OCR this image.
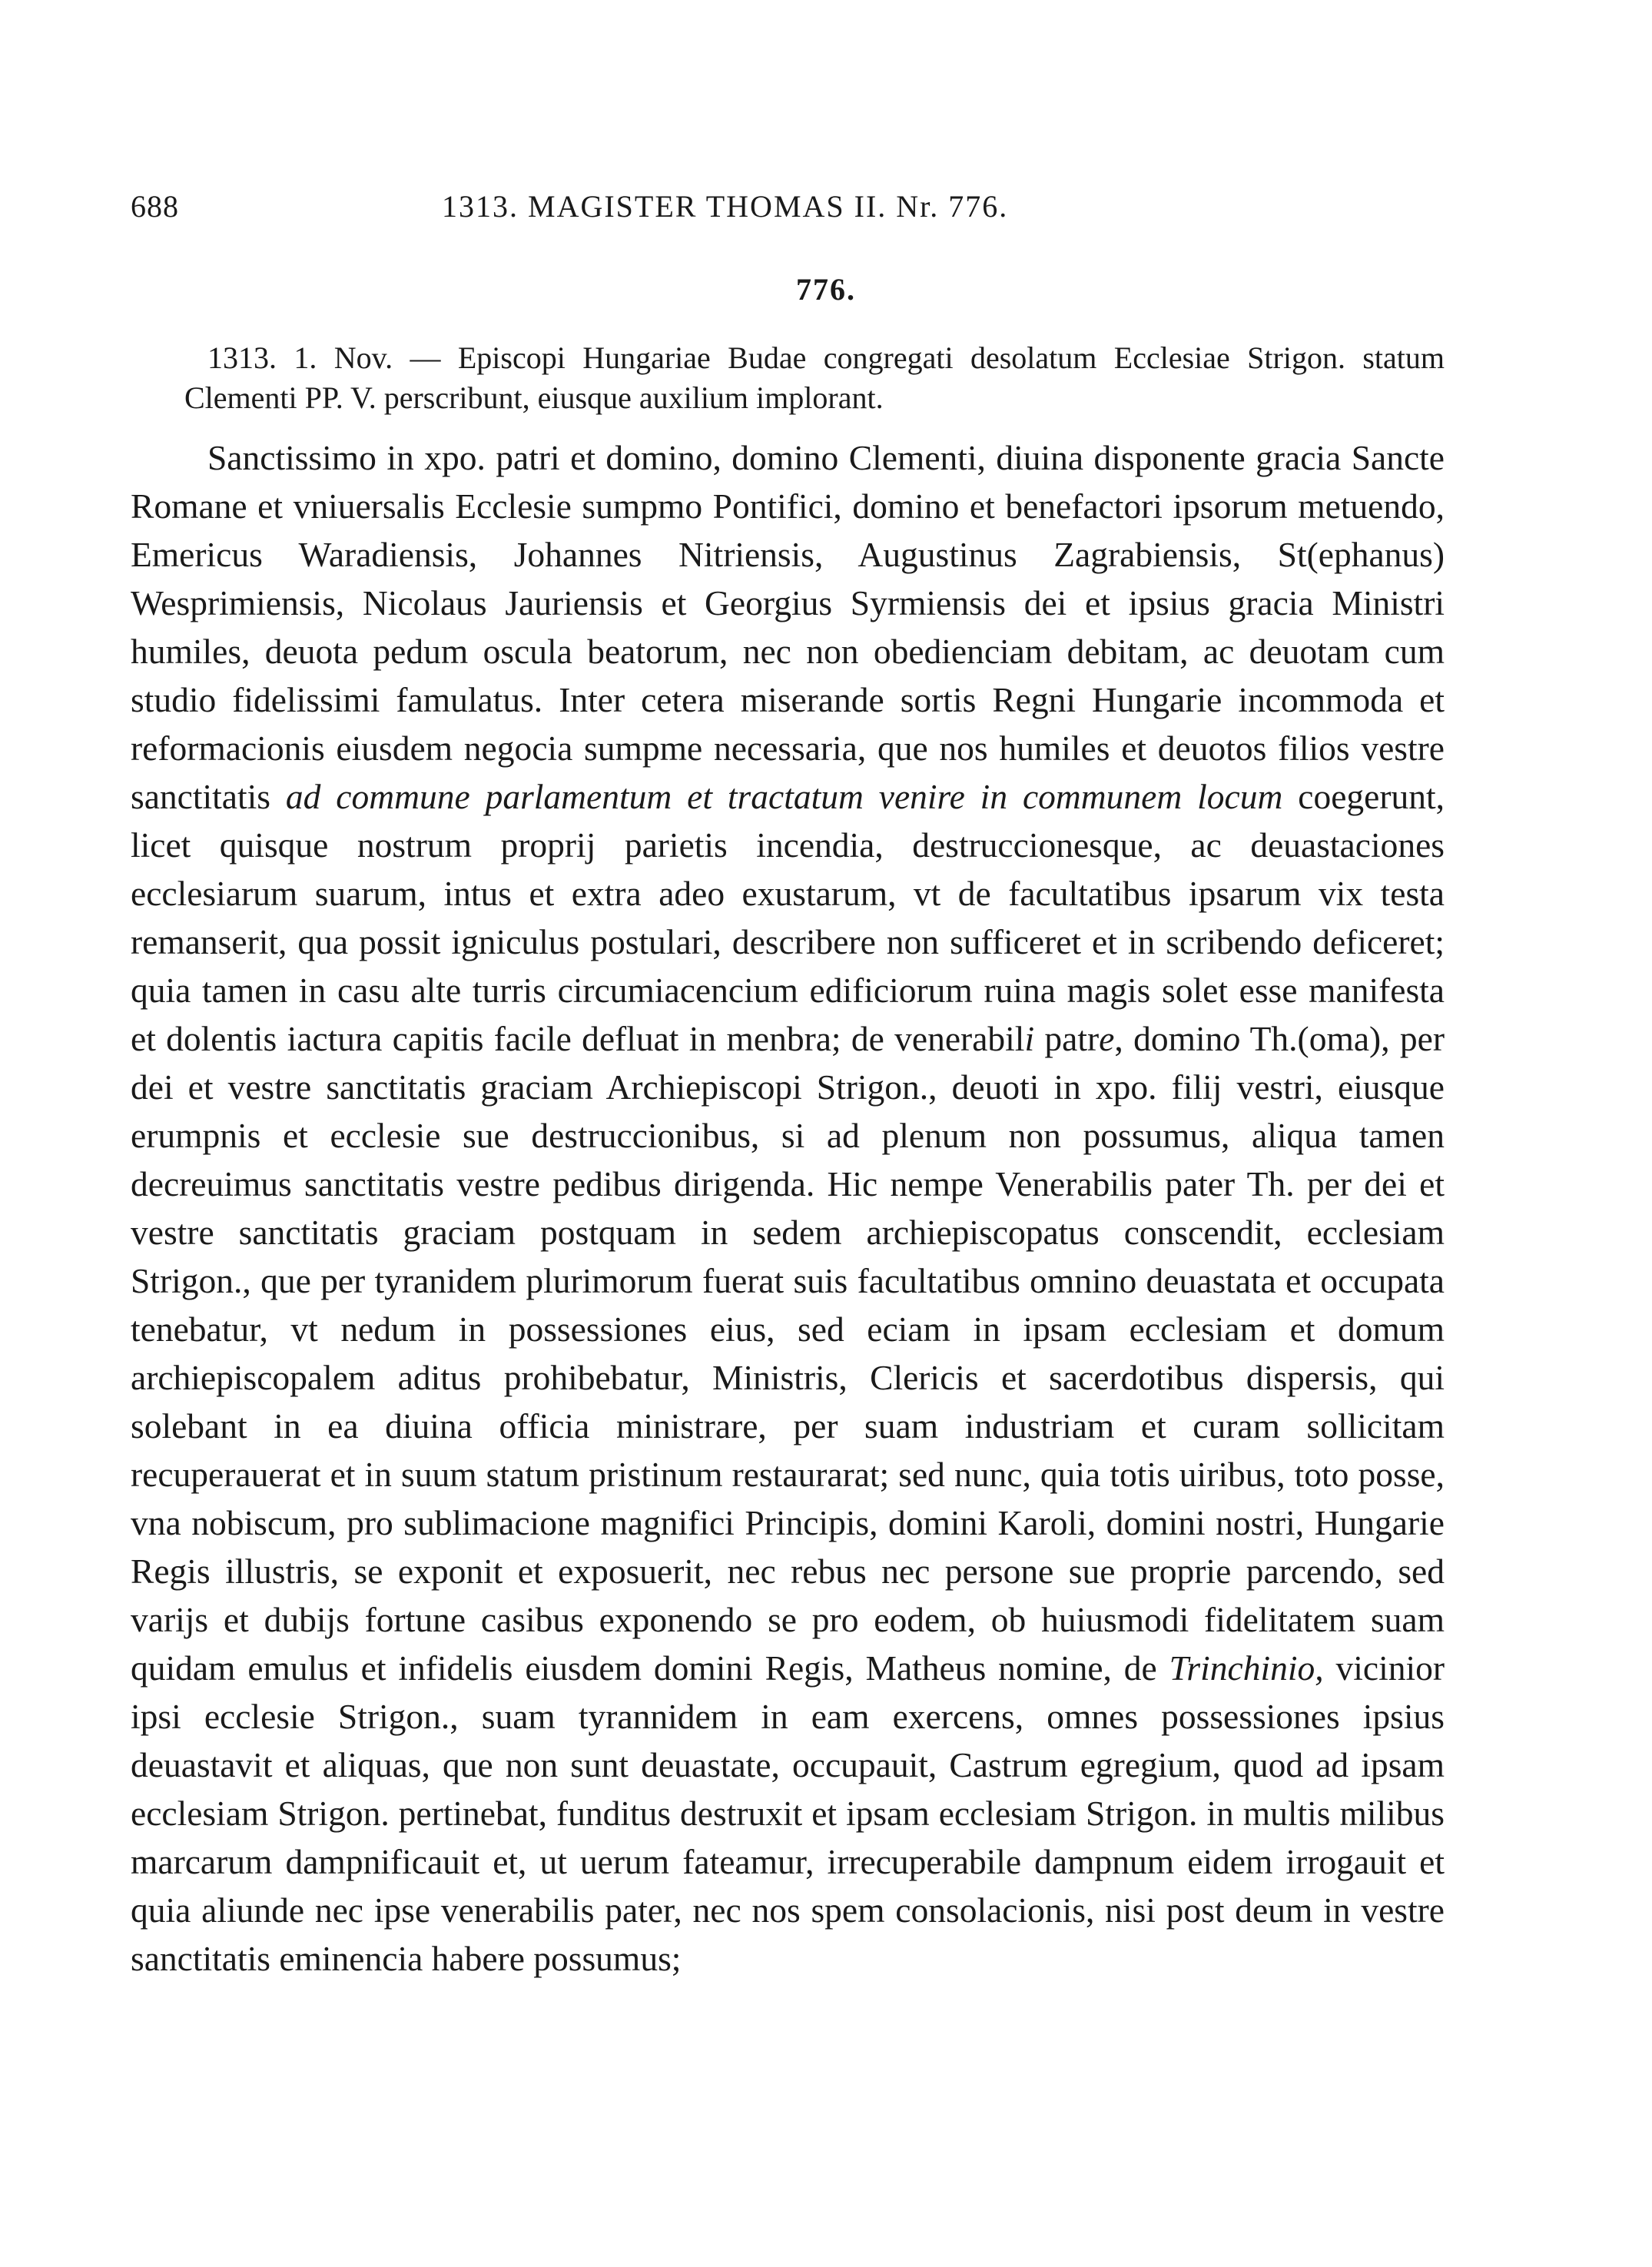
688	1313. MAGISTER THOMAS II. Nr. 776.
776.
1313. 1. Nov. — Episcopi Hungariae Budae congregati desolatum Ecclesiae Strigon. statum Clementi PP. V. perscribunt, eiusque auxilium implorant.
Sanctissimo in xpo. patri et domino, domino Clementi, diuina disponente gracia Sancte Romane et vniuersalis Ecclesie sumpmo Pontifici, domino et benefactori ipsorum metuendo, Emericus Waradiensis, Johannes Nitriensis, Augustinus Zagrabiensis, St(ephanus) Wesprimiensis, Nicolaus Jauriensis et Georgius Syrmiensis dei et ipsius gracia Ministri humiles, deuota pedum oscula beatorum, nec non obedienciam debitam, ac deuotam cum studio fidelissimi famulatus. Inter cetera miserande sortis Regni Hungarie incommoda et reformacionis eiusdem negocia sumpme necessaria, que nos humiles et deuotos filios vestre sanctitatis ad commune parlamentum et tractatum venire in communem locum coegerunt, licet quisque nostrum proprij parietis incendia, destruccionesque, ac deuastaciones ecclesiarum suarum, intus et extra adeo exustarum, vt de facultatibus ipsarum vix testa remanserit, qua possit igniculus postulari, describere non sufficeret et in scribendo deficeret; quia tamen in casu alte turris circumiacencium edificiorum ruina magis solet esse manifesta et dolentis iactura capitis facile defluat in menbra; de venerabili patre, domino Th.(oma), per dei et vestre sanctitatis graciam Archiepiscopi Strigon., deuoti in xpo. filij vestri, eiusque erumpnis et ecclesie sue destruccionibus, si ad plenum non possumus, aliqua tamen decreuimus sanctitatis vestre pedibus dirigenda. Hic nempe Venerabilis pater Th. per dei et vestre sanctitatis graciam postquam in sedem archiepiscopatus conscendit, ecclesiam Strigon., que per tyranidem plurimorum fuerat suis facultatibus omnino deuastata et occupata tenebatur, vt nedum in possessiones eius, sed eciam in ipsam ecclesiam et domum archiepiscopalem aditus prohibebatur, Ministris, Clericis et sacerdotibus dispersis, qui solebant in ea diuina officia ministrare, per suam industriam et curam sollicitam recuperauerat et in suum statum pristinum restaurarat; sed nunc, quia totis uiribus, toto posse, vna nobiscum, pro sublimacione magnifici Principis, domini Karoli, domini nostri, Hungarie Regis illustris, se exponit et exposuerit, nec rebus nec persone sue proprie parcendo, sed varijs et dubijs fortune casibus exponendo se pro eodem, ob huiusmodi fidelitatem suam quidam emulus et infidelis eiusdem domini Regis, Matheus nomine, de Trinchinio, vicinior ipsi ecclesie Strigon., suam tyrannidem in eam exercens, omnes possessiones ipsius deuastavit et aliquas, que non sunt deuastate, occupauit, Castrum egregium, quod ad ipsam ecclesiam Strigon. pertinebat, funditus destruxit et ipsam ecclesiam Strigon. in multis milibus marcarum dampnificauit et, ut uerum fateamur, irrecuperabile dampnum eidem irrogauit et quia aliunde nec ipse venerabilis pater, nec nos spem consolacionis, nisi post deum in vestre sanctitatis eminencia habere possumus;
